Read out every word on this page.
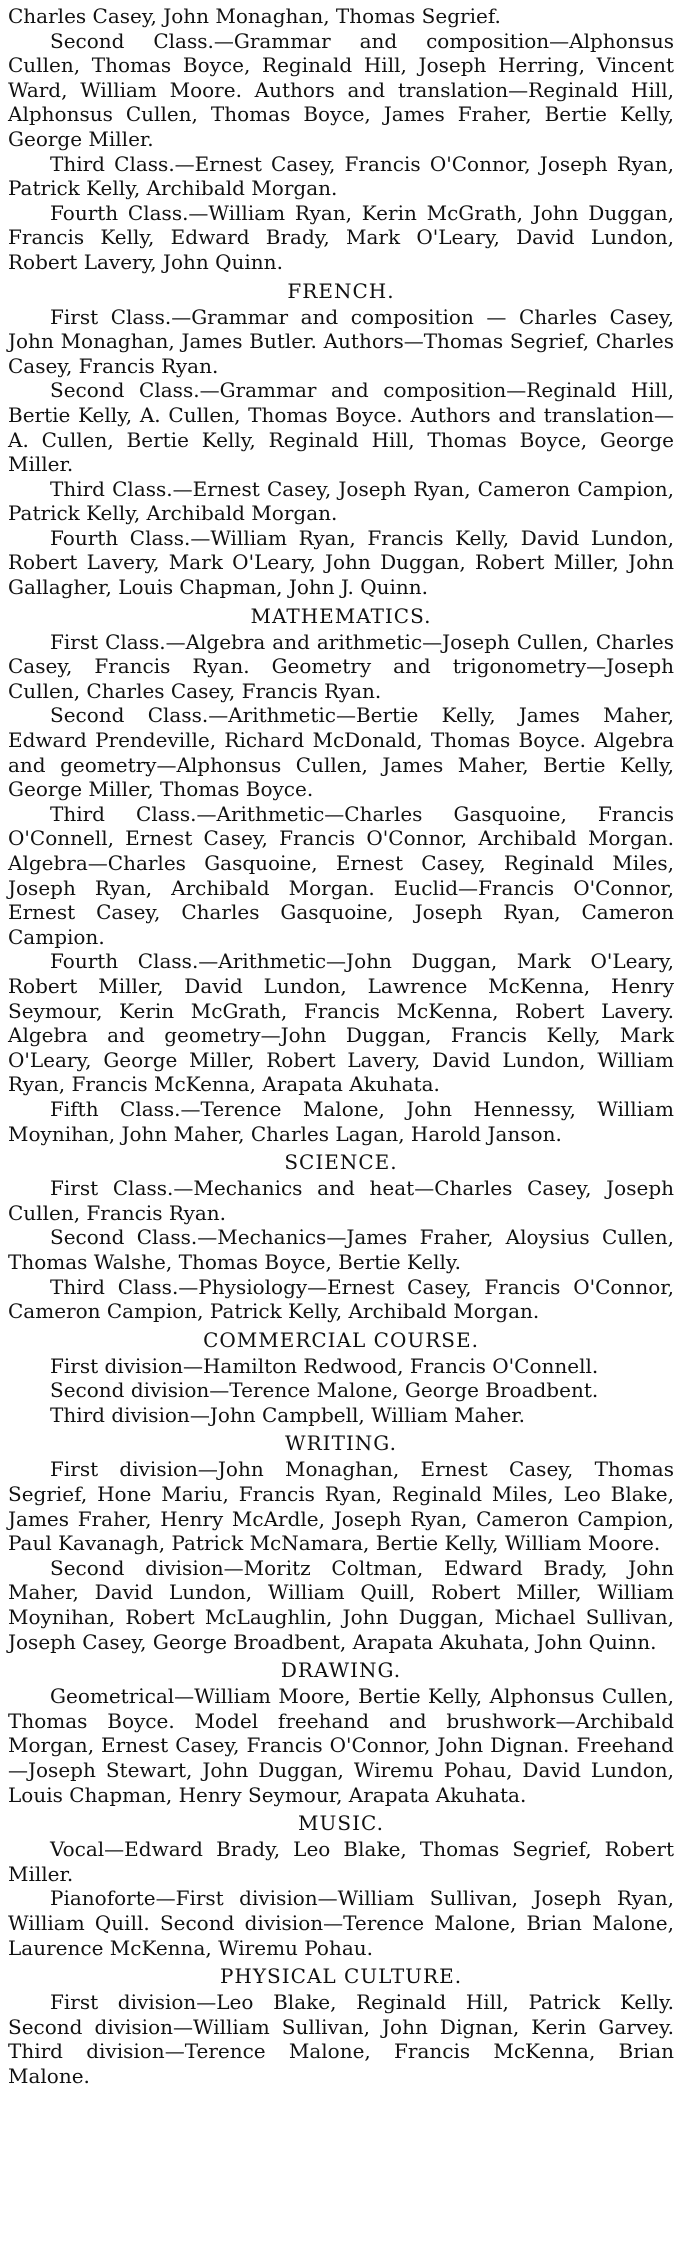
Charles Casey, John Monaghan, Thomas Segrief.

Second Class.—Grammar and composition—Alphonsus Cullen, Thomas Boyce, Reginald Hill, Joseph Herring, Vincent Ward, William Moore. Authors and translation—Reginald Hill, Alphonsus Cullen, Thomas Boyce, James Fraher, Bertie Kelly, George Miller.

Third Class.—Ernest Casey, Francis O'Connor, Joseph Ryan, Patrick Kelly, Archibald Morgan.

Fourth Class.—William Ryan, Kerin McGrath, John Duggan, Francis Kelly, Edward Brady, Mark O'Leary, David Lundon, Robert Lavery, John Quinn.

FRENCH.

First Class.—Grammar and composition — Charles Casey, John Monaghan, James Butler. Authors—Thomas Segrief, Charles Casey, Francis Ryan.

Second Class.—Grammar and composition—Reginald Hill, Bertie Kelly, A. Cullen, Thomas Boyce. Authors and translation—A. Cullen, Bertie Kelly, Reginald Hill, Thomas Boyce, George Miller.

Third Class.—Ernest Casey, Joseph Ryan, Cameron Campion, Patrick Kelly, Archibald Morgan.

Fourth Class.—William Ryan, Francis Kelly, David Lundon, Robert Lavery, Mark O'Leary, John Duggan, Robert Miller, John Gallagher, Louis Chapman, John J. Quinn.

MATHEMATICS.

First Class.—Algebra and arithmetic—Joseph Cullen, Charles Casey, Francis Ryan. Geometry and trigonometry—Joseph Cullen, Charles Casey, Francis Ryan.

Second Class.—Arithmetic—Bertie Kelly, James Maher, Edward Prendeville, Richard McDonald, Thomas Boyce. Algebra and geometry—Alphonsus Cullen, James Maher, Bertie Kelly, George Miller, Thomas Boyce.

Third Class.—Arithmetic—Charles Gasquoine, Francis O'Connell, Ernest Casey, Francis O'Connor, Archibald Morgan. Algebra—Charles Gasquoine, Ernest Casey, Reginald Miles, Joseph Ryan, Archibald Morgan. Euclid—Francis O'Connor, Ernest Casey, Charles Gasquoine, Joseph Ryan, Cameron Campion.

Fourth Class.—Arithmetic—John Duggan, Mark O'Leary, Robert Miller, David Lundon, Lawrence McKenna, Henry Seymour, Kerin McGrath, Francis McKenna, Robert Lavery. Algebra and geometry—John Duggan, Francis Kelly, Mark O'Leary, George Miller, Robert Lavery, David Lundon, William Ryan, Francis McKenna, Arapata Akuhata.

Fifth Class.—Terence Malone, John Hennessy, William Moynihan, John Maher, Charles Lagan, Harold Janson.

SCIENCE.

First Class.—Mechanics and heat—Charles Casey, Joseph Cullen, Francis Ryan.

Second Class.—Mechanics—James Fraher, Aloysius Cullen, Thomas Walshe, Thomas Boyce, Bertie Kelly.

Third Class.—Physiology—Ernest Casey, Francis O'Connor, Cameron Campion, Patrick Kelly, Archibald Morgan.

COMMERCIAL COURSE.

First division—Hamilton Redwood, Francis O'Connell.

Second division—Terence Malone, George Broadbent.

Third division—John Campbell, William Maher.

WRITING.

First division—John Monaghan, Ernest Casey, Thomas Segrief, Hone Mariu, Francis Ryan, Reginald Miles, Leo Blake, James Fraher, Henry McArdle, Joseph Ryan, Cameron Campion, Paul Kavanagh, Patrick McNamara, Bertie Kelly, William Moore.

Second division—Moritz Coltman, Edward Brady, John Maher, David Lundon, William Quill, Robert Miller, William Moynihan, Robert McLaughlin, John Duggan, Michael Sullivan, Joseph Casey, George Broadbent, Arapata Akuhata, John Quinn.

DRAWING.

Geometrical—William Moore, Bertie Kelly, Alphonsus Cullen, Thomas Boyce. Model freehand and brushwork—Archibald Morgan, Ernest Casey, Francis O'Connor, John Dignan. Freehand—Joseph Stewart, John Duggan, Wiremu Pohau, David Lundon, Louis Chapman, Henry Seymour, Arapata Akuhata.

MUSIC.

Vocal—Edward Brady, Leo Blake, Thomas Segrief, Robert Miller.

Pianoforte—First division—William Sullivan, Joseph Ryan, William Quill. Second division—Terence Malone, Brian Malone, Laurence McKenna, Wiremu Pohau.

PHYSICAL CULTURE.

First division—Leo Blake, Reginald Hill, Patrick Kelly. Second division—William Sullivan, John Dignan, Kerin Garvey. Third division—Terence Malone, Francis McKenna, Brian Malone.
